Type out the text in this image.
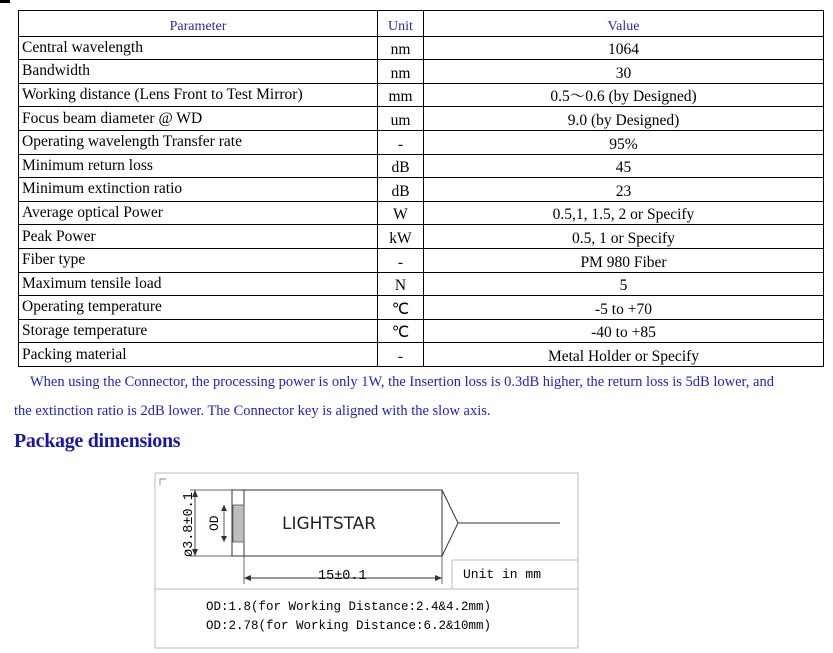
Parameter	Unit	Value
Central wavelength	nm	1064
Bandwidth	nm	30
Working distance (Lens Front to Test Mirror)	mm	0.5～0.6 (by Designed)
Focus beam diameter @ WD	um	9.0 (by Designed)
Operating wavelength Transfer rate	-	95%
Minimum return loss	dB	45
Minimum extinction ratio	dB	23
Average optical Power	W	0.5,1, 1.5, 2 or Specify
Peak Power	kW	0.5, 1 or Specify
Fiber type	-	PM 980 Fiber
Maximum tensile load	N	5
Operating temperature	℃	-5 to +70
Storage temperature	℃	-40 to +85
Packing material	-	Metal Holder or Specify
When using the Connector, the processing power is only 1W, the Insertion loss is 0.3dB higher, the return loss is 5dB lower, and
the extinction ratio is 2dB lower. The Connector key is aligned with the slow axis.
Package dimensions
ø3.8±0.1 OD	LIGHTSTAR
15±0.1	Unit in mm
OD:1.8(for Working Distance:2.4&4.2mm)
OD:2.78(for Working Distance:6.2&10mm)
